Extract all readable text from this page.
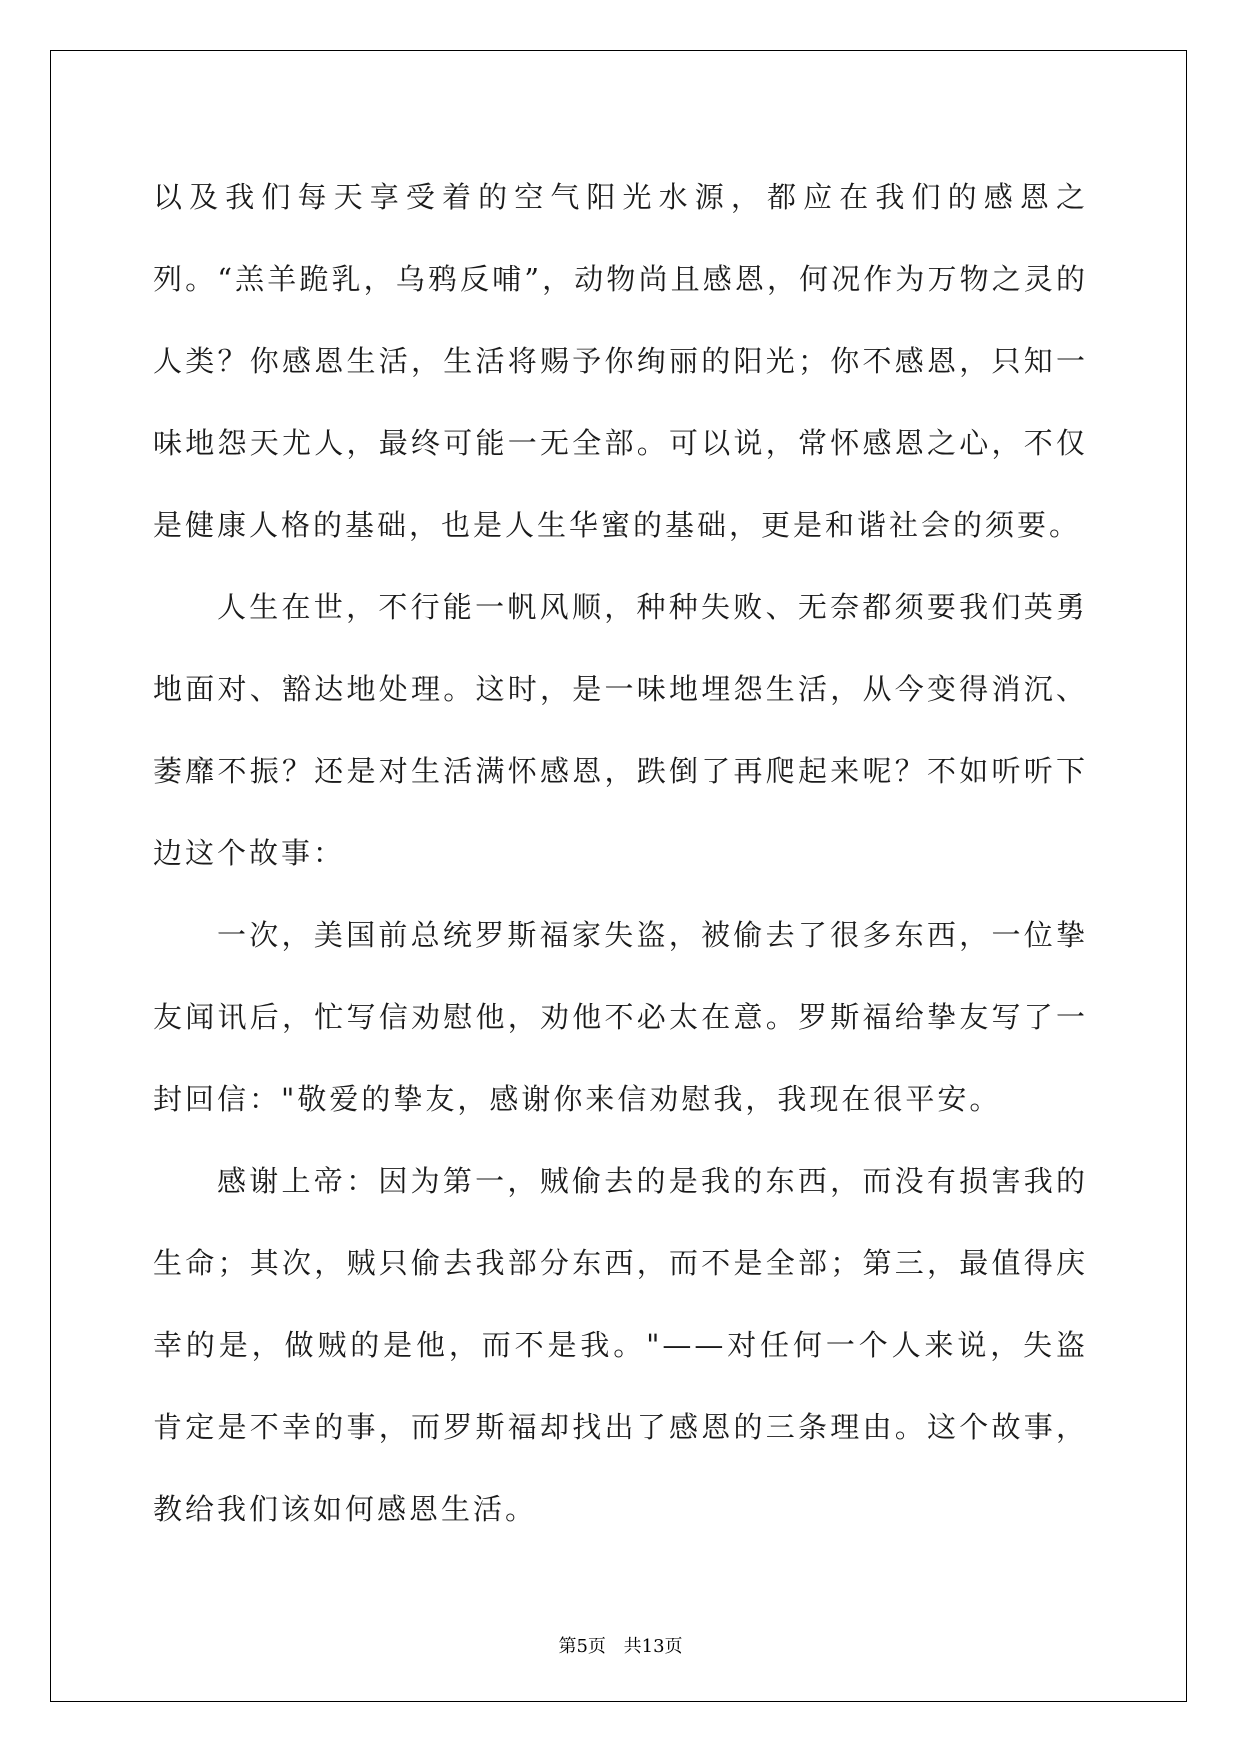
以及我们每天享受着的空气阳光水源，都应在我们的感恩之列。“羔羊跪乳，乌鸦反哺”，动物尚且感恩，何况作为万物之灵的人类？你感恩生活，生活将赐予你绚丽的阳光；你不感恩，只知一味地怨天尤人，最终可能一无全部。可以说，常怀感恩之心，不仅是健康人格的基础，也是人生华蜜的基础，更是和谐社会的须要。

人生在世，不行能一帆风顺，种种失败、无奈都须要我们英勇地面对、豁达地处理。这时，是一味地埋怨生活，从今变得消沉、萎靡不振？还是对生活满怀感恩，跌倒了再爬起来呢？不如听听下边这个故事：

一次，美国前总统罗斯福家失盗，被偷去了很多东西，一位挚友闻讯后，忙写信劝慰他，劝他不必太在意。罗斯福给挚友写了一封回信："敬爱的挚友，感谢你来信劝慰我，我现在很平安。

感谢上帝：因为第一，贼偷去的是我的东西，而没有损害我的生命；其次，贼只偷去我部分东西，而不是全部；第三，最值得庆幸的是，做贼的是他，而不是我。"——对任何一个人来说，失盗肯定是不幸的事，而罗斯福却找出了感恩的三条理由。这个故事，教给我们该如何感恩生活。

第5页 共13页
